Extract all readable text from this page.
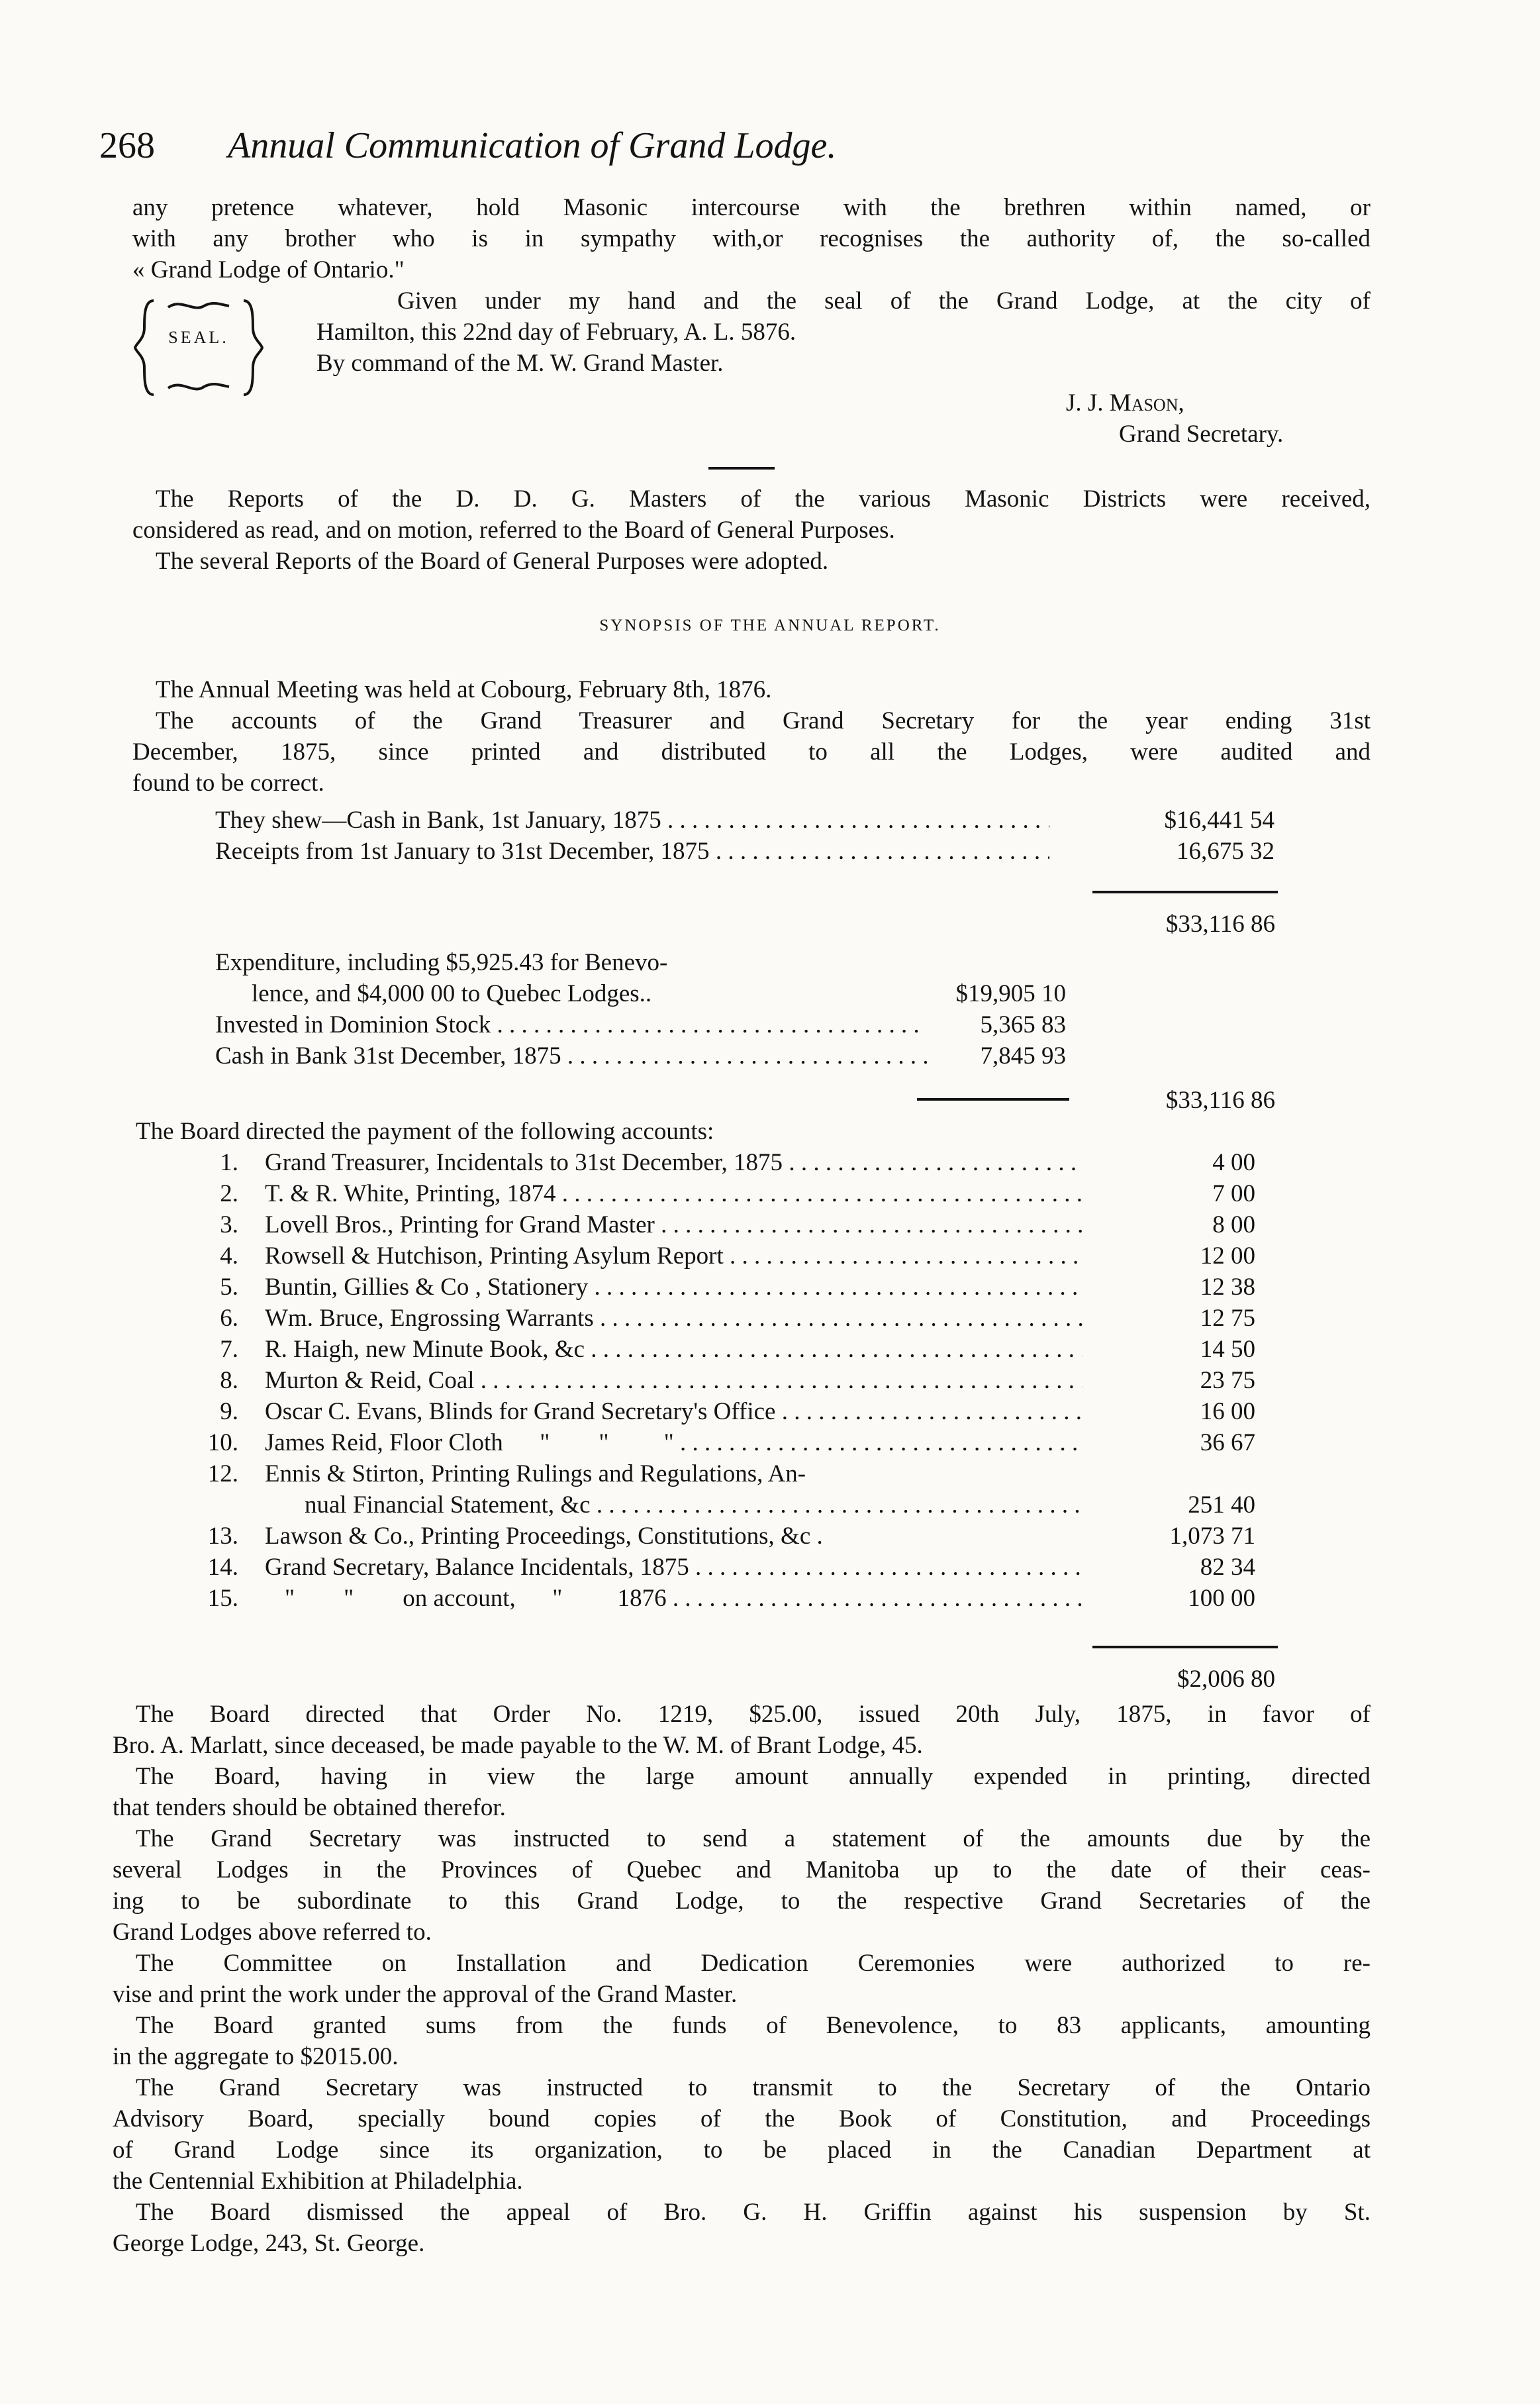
268 Annual Communication of Grand Lodge.
any pretence whatever, hold Masonic intercourse with the brethren within named, or
with any brother who is in sympathy with,or recognises the authority of, the so-called
« Grand Lodge of Ontario."
SEAL.
Given under my hand and the seal of the Grand Lodge, at the city of
Hamilton, this 22nd day of February, A. L. 5876.
By command of the M. W. Grand Master.
J. J. Mason,
Grand Secretary.
The Reports of the D. D. G. Masters of the various Masonic Districts were received,
considered as read, and on motion, referred to the Board of General Purposes.
The several Reports of the Board of General Purposes were adopted.
SYNOPSIS OF THE ANNUAL REPORT.
The Annual Meeting was held at Cobourg, February 8th, 1876.
The accounts of the Grand Treasurer and Grand Secretary for the year ending 31st
December, 1875, since printed and distributed to all the Lodges, were audited and
found to be correct.
They shew—Cash in Bank, 1st January, 1875 . . .	$16,441 54
Receipts from 1st January to 31st December, 1875 . . .	16,675 32
$33,116 86
Expenditure, including $5,925.43 for Benevo-
lence, and $4,000 00 to Quebec Lodges..	$19,905 10
Invested in Dominion Stock . . .	5,365 83
Cash in Bank 31st December, 1875 . . .	7,845 93
$33,116 86
The Board directed the payment of the following accounts:
1. Grand Treasurer, Incidentals to 31st December, 1875 . . .	4 00
2. T. & R. White, Printing, 1874 . . .	7 00
3. Lovell Bros., Printing for Grand Master . . .	8 00
4. Rowsell & Hutchison, Printing Asylum Report . . .	12 00
5. Buntin, Gillies & Co , Stationery . . .	12 38
6. Wm. Bruce, Engrossing Warrants . . .	12 75
7. R. Haigh, new Minute Book, &c . . .	14 50
8. Murton & Reid, Coal . . .	23 75
9. Oscar C. Evans, Blinds for Grand Secretary's Office . . .	16 00
10. James Reid, Floor Cloth      "        "         " . . .	36 67
12. Ennis & Stirton, Printing Rulings and Regulations, An-
nual Financial Statement, &c . . .	251 40
13. Lawson & Co., Printing Proceedings, Constitutions, &c .	1,073 71
14. Grand Secretary, Balance Incidentals, 1875 . . .	82 34
15. "        "        on account,      "         1876 . . .	100 00
$2,006 80
The Board directed that Order No. 1219, $25.00, issued 20th July, 1875, in favor of
Bro. A. Marlatt, since deceased, be made payable to the W. M. of Brant Lodge, 45.
The Board, having in view the large amount annually expended in printing, directed
that tenders should be obtained therefor.
The Grand Secretary was instructed to send a statement of the amounts due by the
several Lodges in the Provinces of Quebec and Manitoba up to the date of their ceas-
ing to be subordinate to this Grand Lodge, to the respective Grand Secretaries of the
Grand Lodges above referred to.
The Committee on Installation and Dedication Ceremonies were authorized to re-
vise and print the work under the approval of the Grand Master.
The Board granted sums from the funds of Benevolence, to 83 applicants, amounting
in the aggregate to $2015.00.
The Grand Secretary was instructed to transmit to the Secretary of the Ontario
Advisory Board, specially bound copies of the Book of Constitution, and Proceedings
of Grand Lodge since its organization, to be placed in the Canadian Department at
the Centennial Exhibition at Philadelphia.
The Board dismissed the appeal of Bro. G. H. Griffin against his suspension by St.
George Lodge, 243, St. George.
